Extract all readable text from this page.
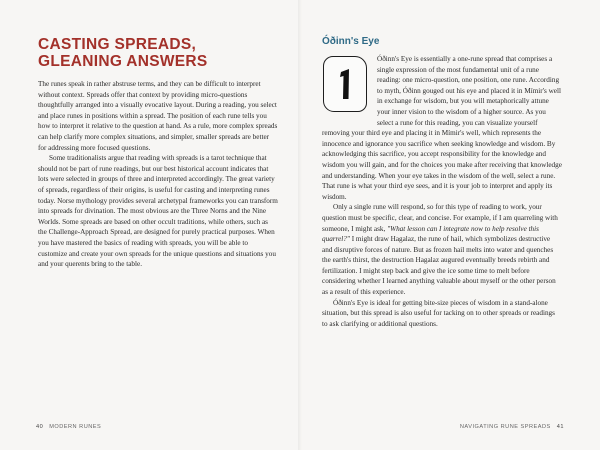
CASTING SPREADS, GLEANING ANSWERS

The runes speak in rather abstruse terms, and they can be difficult to interpret without context. Spreads offer that context by providing micro-questions thoughtfully arranged into a visually evocative layout. During a reading, you select and place runes in positions within a spread. The position of each rune tells you how to interpret it relative to the question at hand. As a rule, more complex spreads can help clarify more complex situations, and simpler, smaller spreads are better for addressing more focused questions.

Some traditionalists argue that reading with spreads is a tarot technique that should not be part of rune readings, but our best historical account indicates that lots were selected in groups of three and interpreted accordingly. The great variety of spreads, regardless of their origins, is useful for casting and interpreting runes today. Norse mythology provides several archetypal frameworks you can transform into spreads for divination. The most obvious are the Three Norns and the Nine Worlds. Some spreads are based on other occult traditions, while others, such as the Challenge-Approach Spread, are designed for purely practical purposes. When you have mastered the basics of reading with spreads, you will be able to customize and create your own spreads for the unique questions and situations you and your querents bring to the table.

Óðinn's Eye

Óðinn's Eye is essentially a one-rune spread that comprises a single expression of the most fundamental unit of a rune reading: one micro-question, one position, one rune. According to myth, Óðinn gouged out his eye and placed it in Mímir's well in exchange for wisdom, but you will metaphorically attune your inner vision to the wisdom of a higher source. As you select a rune for this reading, you can visualize yourself removing your third eye and placing it in Mímir's well, which represents the innocence and ignorance you sacrifice when seeking knowledge and wisdom. By acknowledging this sacrifice, you accept responsibility for the knowledge and wisdom you will gain, and for the choices you make after receiving that knowledge and understanding. When your eye takes in the wisdom of the well, select a rune. That rune is what your third eye sees, and it is your job to interpret and apply its wisdom.

Only a single rune will respond, so for this type of reading to work, your question must be specific, clear, and concise. For example, if I am quarreling with someone, I might ask, "What lesson can I integrate now to help resolve this quarrel?" I might draw Hagalaz, the rune of hail, which symbolizes destructive and disruptive forces of nature. But as frozen hail melts into water and quenches the earth's thirst, the destruction Hagalaz augured eventually breeds rebirth and fertilization. I might step back and give the ice some time to melt before considering whether I learned anything valuable about myself or the other person as a result of this experience.

Óðinn's Eye is ideal for getting bite-size pieces of wisdom in a stand-alone situation, but this spread is also useful for tacking on to other spreads or readings to ask clarifying or additional questions.

40 MODERN RUNES	NAVIGATING RUNE SPREADS 41
